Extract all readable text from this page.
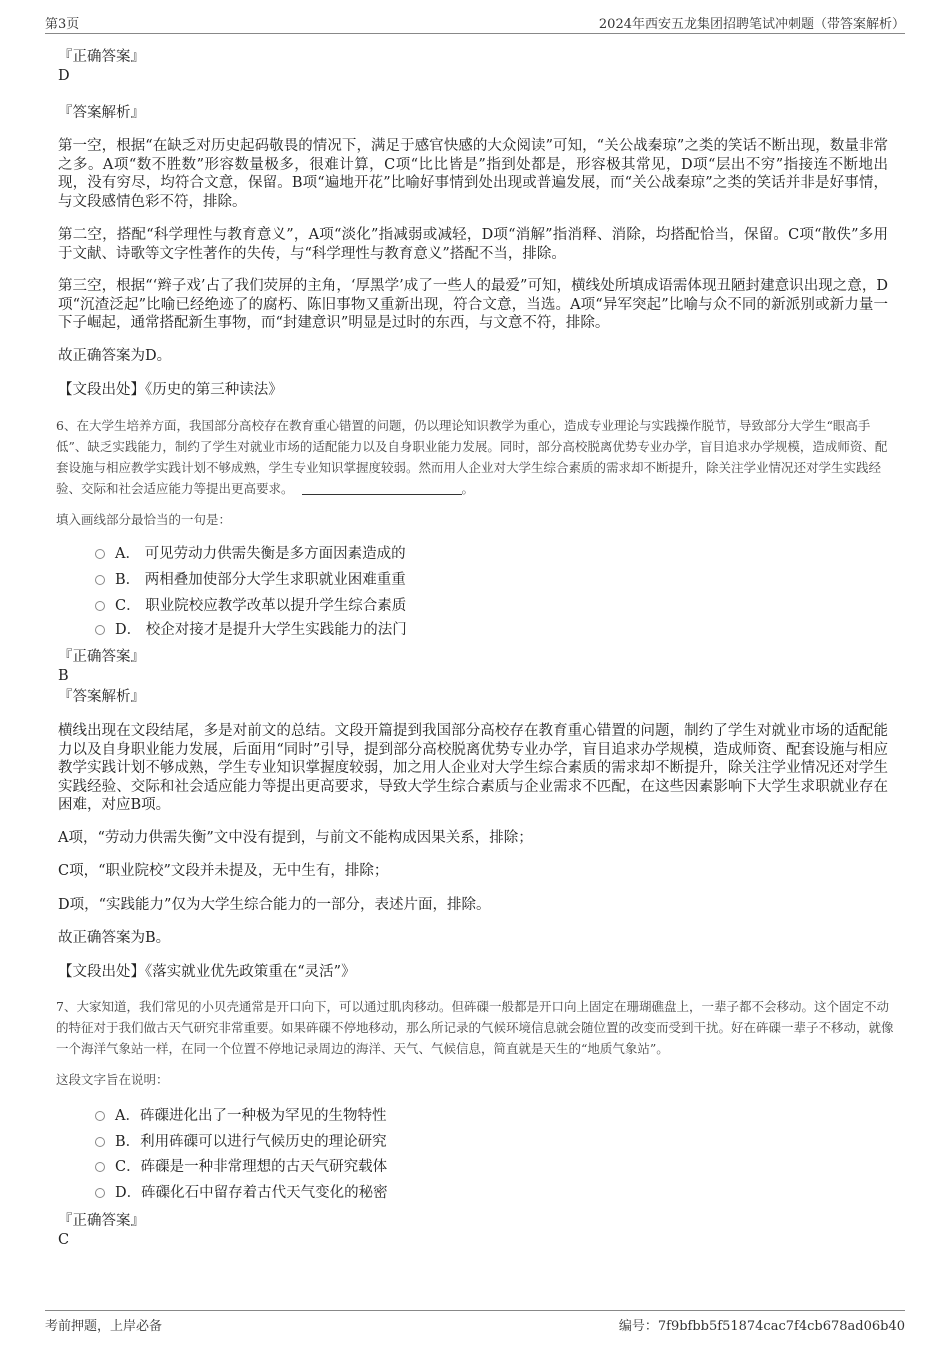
第3页	2024年西安五龙集团招聘笔试冲刺题（带答案解析）
『正确答案』
D
『答案解析』
第一空，根据“在缺乏对历史起码敬畏的情况下，满足于感官快感的大众阅读”可知，“关公战秦琼”之类的笑话不断出现，数量非常之多。A项“数不胜数”形容数量极多，很难计算，C项“比比皆是”指到处都是，形容极其常见，D项“层出不穷”指接连不断地出现，没有穷尽，均符合文意，保留。B项“遍地开花”比喻好事情到处出现或普遍发展，而“关公战秦琼”之类的笑话并非是好事情，与文段感情色彩不符，排除。
第二空，搭配“科学理性与教育意义”，A项“淡化”指减弱或减轻，D项“消解”指消释、消除，均搭配恰当，保留。C项“散佚”多用于文献、诗歌等文字性著作的失传，与“科学理性与教育意义”搭配不当，排除。
第三空，根据“‘辫子戏’占了我们荧屏的主角，‘厚黑学’成了一些人的最爱”可知，横线处所填成语需体现丑陋封建意识出现之意，D项“沉渣泛起”比喻已经绝迹了的腐朽、陈旧事物又重新出现，符合文意，当选。A项“异军突起”比喻与众不同的新派别或新力量一下子崛起，通常搭配新生事物，而“封建意识”明显是过时的东西，与文意不符，排除。
故正确答案为D。
【文段出处】《历史的第三种读法》
6、在大学生培养方面，我国部分高校存在教育重心错置的问题，仍以理论知识教学为重心，造成专业理论与实践操作脱节，导致部分大学生“眼高手低”、缺乏实践能力，制约了学生对就业市场的适配能力以及自身职业能力发展。同时，部分高校脱离优势专业办学，盲目追求办学规模，造成师资、配套设施与相应教学实践计划不够成熟，学生专业知识掌握度较弱。然而用人企业对大学生综合素质的需求却不断提升，除关注学业情况还对学生实践经验、交际和社会适应能力等提出更高要求。	。
填入画线部分最恰当的一句是：
A． 可见劳动力供需失衡是多方面因素造成的
B． 两相叠加使部分大学生求职就业困难重重
C． 职业院校应教学改革以提升学生综合素质
D． 校企对接才是提升大学生实践能力的法门
『正确答案』
B
『答案解析』
横线出现在文段结尾，多是对前文的总结。文段开篇提到我国部分高校存在教育重心错置的问题，制约了学生对就业市场的适配能力以及自身职业能力发展，后面用“同时”引导，提到部分高校脱离优势专业办学，盲目追求办学规模，造成师资、配套设施与相应教学实践计划不够成熟，学生专业知识掌握度较弱，加之用人企业对大学生综合素质的需求却不断提升，除关注学业情况还对学生实践经验、交际和社会适应能力等提出更高要求，导致大学生综合素质与企业需求不匹配，在这些因素影响下大学生求职就业存在困难，对应B项。
A项，“劳动力供需失衡”文中没有提到，与前文不能构成因果关系，排除；
C项，“职业院校”文段并未提及，无中生有，排除；
D项，“实践能力”仅为大学生综合能力的一部分，表述片面，排除。
故正确答案为B。
【文段出处】《落实就业优先政策重在“灵活”》
7、大家知道，我们常见的小贝壳通常是开口向下，可以通过肌肉移动。但砗磲一般都是开口向上固定在珊瑚礁盘上，一辈子都不会移动。这个固定不动的特征对于我们做古天气研究非常重要。如果砗磲不停地移动，那么所记录的气候环境信息就会随位置的改变而受到干扰。好在砗磲一辈子不移动，就像一个海洋气象站一样，在同一个位置不停地记录周边的海洋、天气、气候信息，简直就是天生的“地质气象站”。
这段文字旨在说明：
A．砗磲进化出了一种极为罕见的生物特性
B．利用砗磲可以进行气候历史的理论研究
C．砗磲是一种非常理想的古天气研究载体
D．砗磲化石中留存着古代天气变化的秘密
『正确答案』
C
考前押题，上岸必备	编号：7f9bfbb5f51874cac7f4cb678ad06b40
